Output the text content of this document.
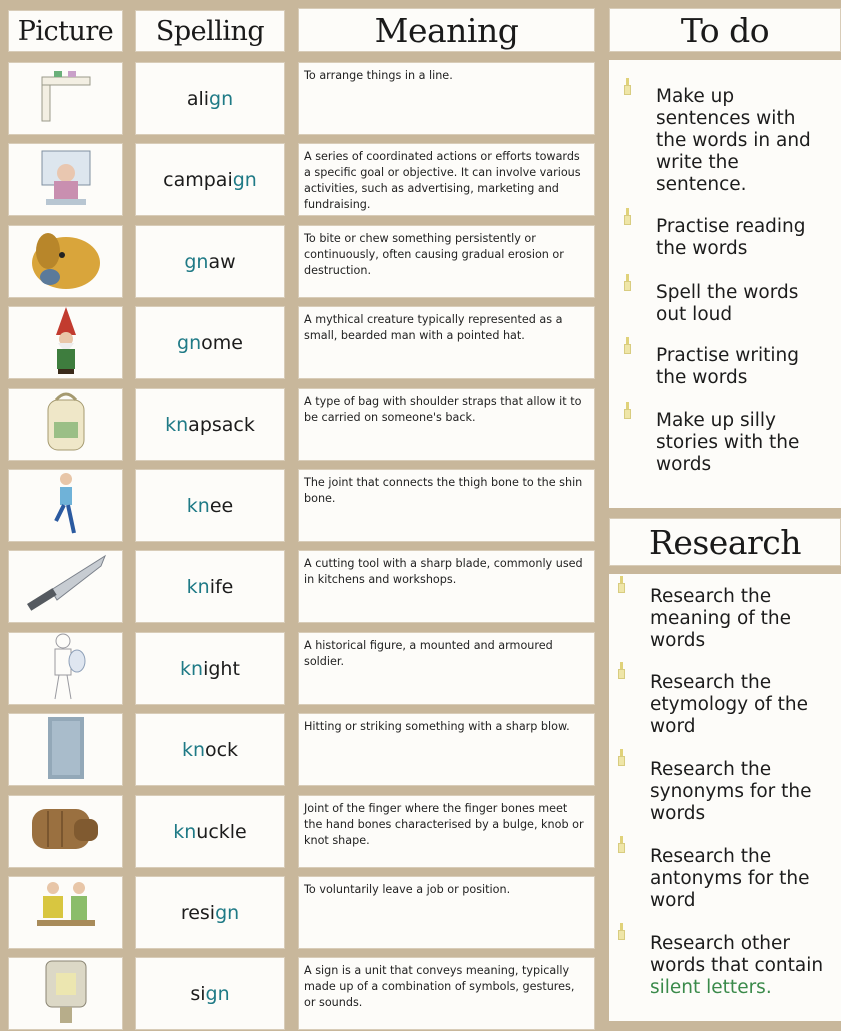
Picture Spelling	Meaning	To do
align
To arrange things in a line.
campaign
A series of coordinated actions or efforts towards a specific goal or objective. It can involve various activities, such as advertising, marketing and fundraising.
gnaw
To bite or chew something persistently or continuously, often causing gradual erosion or destruction.
gnome
A mythical creature typically represented as a small, bearded man with a pointed hat.
knapsack
A type of bag with shoulder straps that allow it to be carried on someone's back.
knee
The joint that connects the thigh bone to the shin bone.
knife
A cutting tool with a sharp blade, commonly used in kitchens and workshops.
knight
A historical figure, a mounted and armoured soldier.
knock
Hitting or striking something with a sharp blow.
knuckle
Joint of the finger where the finger bones meet the hand bones characterised by a bulge, knob or knot shape.
resign
To voluntarily leave a job or position.
sign
A sign is a unit that conveys meaning, typically made up of a combination of symbols, gestures, or sounds.
Make up sentences with the words in and write the sentence.
Practise reading the words
Spell the words out loud
Practise writing the words
Make up silly stories with the words
Research
Research the meaning of the words
Research the etymology of the word
Research the synonyms for the words
Research the antonyms for the word
Research other words that contain silent letters.
